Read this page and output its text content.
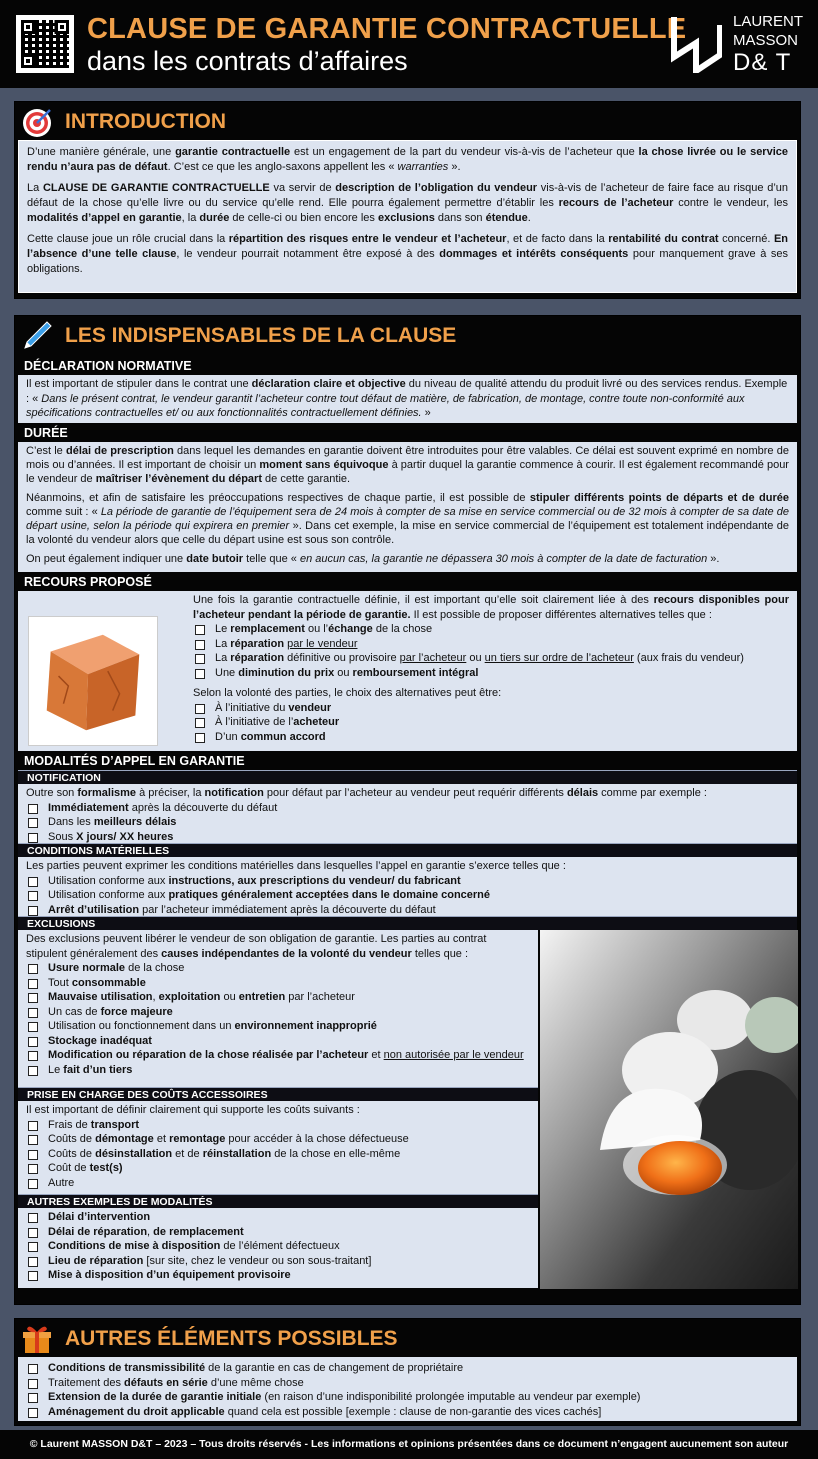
CLAUSE DE GARANTIE CONTRACTUELLE
dans les contrats d’affaires
LAURENT
MASSON
D& T
INTRODUCTION

D’une manière générale, une garantie contractuelle est un engagement de la part du vendeur vis-à-vis de l’acheteur que la chose livrée ou le service rendu n’aura pas de défaut. C’est ce que les anglo-saxons appellent les « warranties ».

La CLAUSE DE GARANTIE CONTRACTUELLE va servir de description de l’obligation du vendeur vis-à-vis de l’acheteur de faire face au risque d’un défaut de la chose qu’elle livre ou du service qu’elle rend. Elle pourra également permettre d’établir les recours de l’acheteur contre le vendeur, les modalités d’appel en garantie, la durée de celle-ci ou bien encore les exclusions dans son étendue.

Cette clause joue un rôle crucial dans la répartition des risques entre le vendeur et l’acheteur, et de facto dans la rentabilité du contrat concerné. En l’absence d’une telle clause, le vendeur pourrait notamment être exposé à des dommages et intérêts conséquents pour manquement grave à ses obligations.

LES INDISPENSABLES DE LA CLAUSE
DÉCLARATION NORMATIVE
Il est important de stipuler dans le contrat une déclaration claire et objective du niveau de qualité attendu du produit livré ou des services rendus. Exemple : « Dans le présent contrat, le vendeur garantit l’acheteur contre tout défaut de matière, de fabrication, de montage, contre toute non-conformité aux spécifications contractuelles et/ ou aux fonctionnalités contractuellement définies. »
DURÉE

C’est le délai de prescription dans lequel les demandes en garantie doivent être introduites pour être valables. Ce délai est souvent exprimé en nombre de mois ou d’années. Il est important de choisir un moment sans équivoque à partir duquel la garantie commence à courir. Il est également recommandé pour le vendeur de maîtriser l’évènement du départ de cette garantie.

Néanmoins, et afin de satisfaire les préoccupations respectives de chaque partie, il est possible de stipuler différents points de départs et de durée comme suit : « La période de garantie de l’équipement sera de 24 mois à compter de sa mise en service commercial ou de 32 mois à compter de sa date de départ usine, selon la période qui expirera en premier ». Dans cet exemple, la mise en service commercial de l’équipement est totalement indépendante de la volonté du vendeur alors que celle du départ usine est sous son contrôle.

On peut également indiquer une date butoir telle que « en aucun cas, la garantie ne dépassera 30 mois à compter de la date de facturation ».

RECOURS PROPOSÉ
Une fois la garantie contractuelle définie, il est important qu’elle soit clairement liée à des recours disponibles pour l’acheteur pendant la période de garantie. Il est possible de proposer différentes alternatives telles que :
Le remplacement ou l’échange de la chose
La réparation par le vendeur
La réparation définitive ou provisoire par l’acheteur ou un tiers sur ordre de l’acheteur (aux frais du vendeur)
Une diminution du prix ou remboursement intégral
Selon la volonté des parties, le choix des alternatives peut être:
À l’initiative du vendeur
À l’initiative de l’acheteur
D’un commun accord
MODALITÉS D’APPEL EN GARANTIE
NOTIFICATION
Outre son formalisme à préciser, la notification pour défaut par l’acheteur au vendeur peut requérir différents délais comme par exemple :
Immédiatement après la découverte du défaut
Dans les meilleurs délais
Sous X jours/ XX heures
CONDITIONS MATÉRIELLES
Les parties peuvent exprimer les conditions matérielles dans lesquelles l’appel en garantie s’exerce telles que :
Utilisation conforme aux instructions, aux prescriptions du vendeur/ du fabricant
Utilisation conforme aux pratiques généralement acceptées dans le domaine concerné
Arrêt d’utilisation par l’acheteur immédiatement après la découverte du défaut
EXCLUSIONS
Des exclusions peuvent libérer le vendeur de son obligation de garantie. Les parties au contrat stipulent généralement des causes indépendantes de la volonté du vendeur telles que :
Usure normale de la chose
Tout consommable
Mauvaise utilisation, exploitation ou entretien par l’acheteur
Un cas de force majeure
Utilisation ou fonctionnement dans un environnement inapproprié
Stockage inadéquat
Modification ou réparation de la chose réalisée par l’acheteur et non autorisée par le vendeur
Le fait d’un tiers
PRISE EN CHARGE DES COÛTS ACCESSOIRES
Il est important de définir clairement qui supporte les coûts suivants :
Frais de transport
Coûts de démontage et remontage pour accéder à la chose défectueuse
Coûts de désinstallation et de réinstallation de la chose en elle-même
Coût de test(s)
Autre
AUTRES EXEMPLES DE MODALITÉS
Délai d’intervention
Délai de réparation, de remplacement
Conditions de mise à disposition de l’élément défectueux
Lieu de réparation [sur site, chez le vendeur ou son sous-traitant]
Mise à disposition d’un équipement provisoire
AUTRES ÉLÉMENTS POSSIBLES
Conditions de transmissibilité de la garantie en cas de changement de propriétaire
Traitement des défauts en série d’une même chose
Extension de la durée de garantie initiale (en raison d’une indisponibilité prolongée imputable au vendeur par exemple)
Aménagement du droit applicable quand cela est possible [exemple : clause de non-garantie des vices cachés]
© Laurent MASSON D&T – 2023 – Tous droits réservés - Les informations et opinions présentées dans ce document n’engagent aucunement son auteur
